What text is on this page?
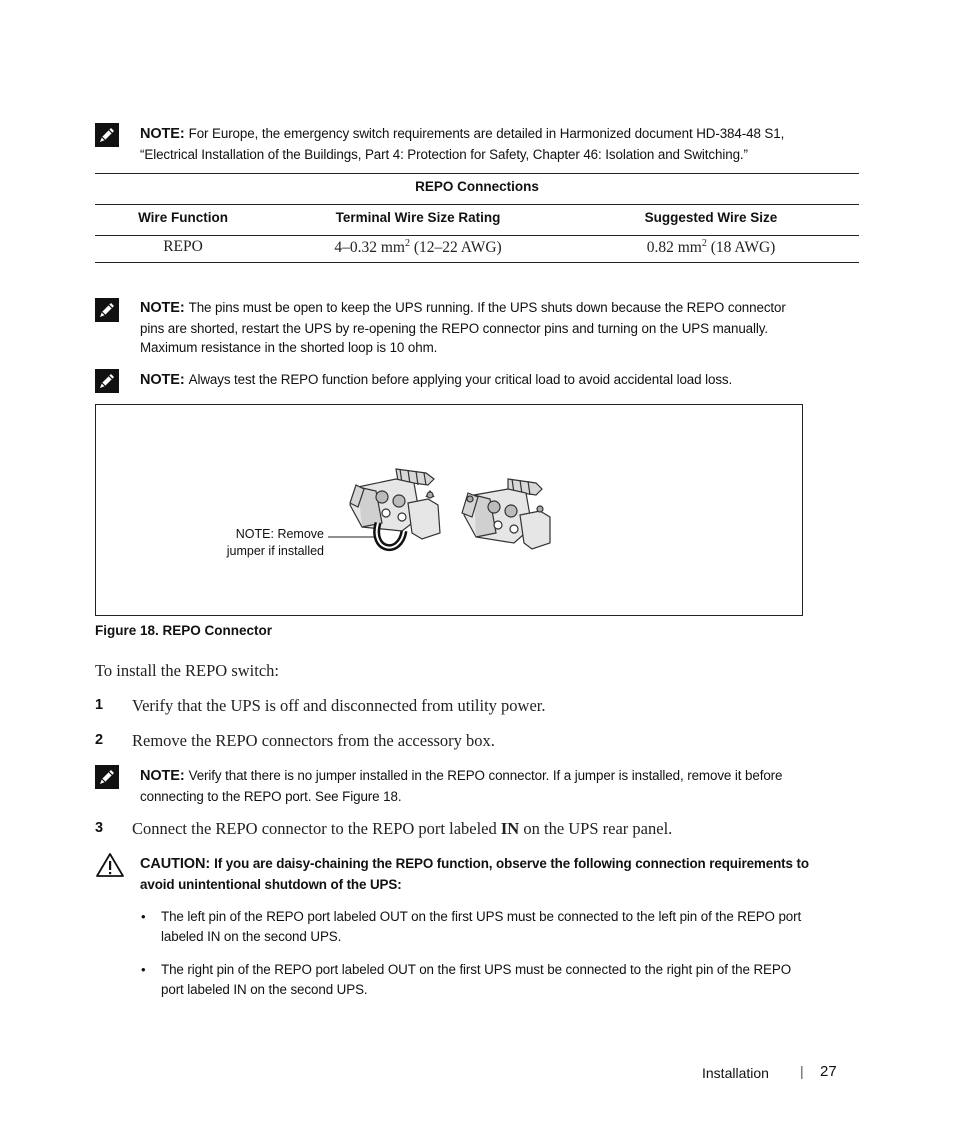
NOTE: For Europe, the emergency switch requirements are detailed in Harmonized document HD-384-48 S1,
“Electrical Installation of the Buildings, Part 4: Protection for Safety, Chapter 46: Isolation and Switching.”
REPO Connections
Wire Function	Terminal Wire Size Rating	Suggested Wire Size
REPO	4–0.32 $mm^2$ (12–22 AWG)	0.82 $mm^2$ (18 AWG)
NOTE: The pins must be open to keep the UPS running. If the UPS shuts down because the REPO connector
pins are shorted, restart the UPS by re-opening the REPO connector pins and turning on the UPS manually.
Maximum resistance in the shorted loop is 10 ohm.
NOTE: Always test the REPO function before applying your critical load to avoid accidental load loss.
NOTE: Remove
jumper if installed
Figure 18. REPO Connector
To install the REPO switch:
1 Verify that the UPS is off and disconnected from utility power.
2 Remove the REPO connectors from the accessory box.
NOTE: Verify that there is no jumper installed in the REPO connector. If a jumper is installed, remove it before
connecting to the REPO port. See Figure 18.
3 Connect the REPO connector to the REPO port labeled IN on the UPS rear panel.
CAUTION: If you are daisy-chaining the REPO function, observe the following connection requirements to
avoid unintentional shutdown of the UPS:
• The left pin of the REPO port labeled OUT on the first UPS must be connected to the left pin of the REPO port
labeled IN on the second UPS.
• The right pin of the REPO port labeled OUT on the first UPS must be connected to the right pin of the REPO
port labeled IN on the second UPS.
Installation | 27
